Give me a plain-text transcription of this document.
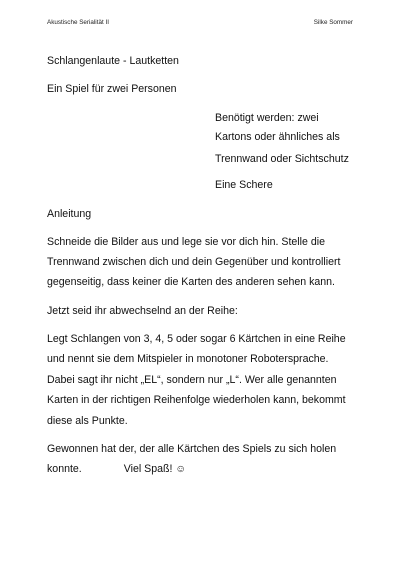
Akustische Serialität II	Silke Sommer
Schlangenlaute - Lautketten
Ein Spiel für zwei Personen
Benötigt werden: zwei
Kartons oder ähnliches als
Trennwand oder Sichtschutz
Eine Schere
Anleitung
Schneide die Bilder aus und lege sie vor dich hin. Stelle die
Trennwand zwischen dich und dein Gegenüber und kontrolliert
gegenseitig, dass keiner die Karten des anderen sehen kann.
Jetzt seid ihr abwechselnd an der Reihe:
Legt Schlangen von 3, 4, 5 oder sogar 6 Kärtchen in eine Reihe
und nennt sie dem Mitspieler in monotoner Robotersprache.
Dabei sagt ihr nicht „EL“, sondern nur „L“. Wer alle genannten
Karten in der richtigen Reihenfolge wiederholen kann, bekommt
diese als Punkte.
Gewonnen hat der, der alle Kärtchen des Spiels zu sich holen
konnte.	Viel Spaß! ☺
